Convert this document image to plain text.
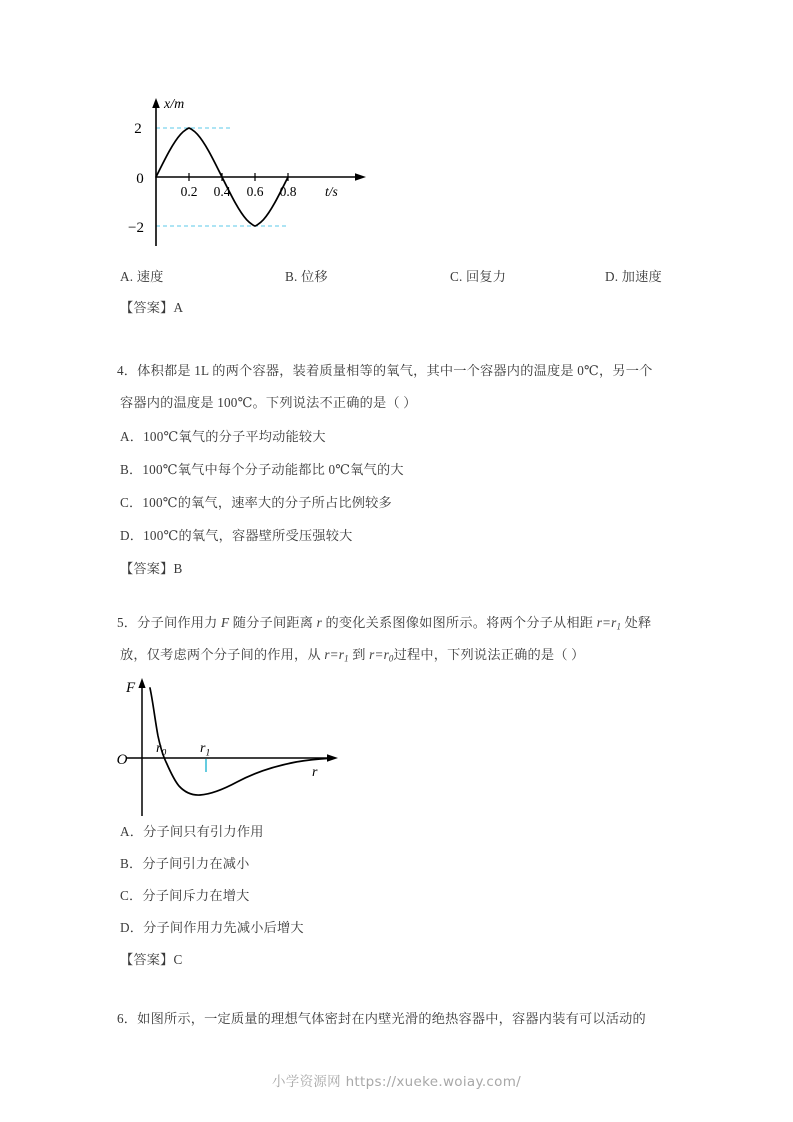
x/m
2
0
−2
0.2 0.4 0.6 0.8 t/s
A. 速度	B. 位移	C. 回复力	D. 加速度
【答案】A
4．体积都是 1L 的两个容器，装着质量相等的氧气，其中一个容器内的温度是 0℃，另一个
容器内的温度是 100℃。下列说法不正确的是（ ）
A．100℃氧气的分子平均动能较大
B．100℃氧气中每个分子动能都比 0℃氧气的大
C．100℃的氧气，速率大的分子所占比例较多
D．100℃的氧气，容器壁所受压强较大
【答案】B
5．分子间作用力 F 随分子间距离 r 的变化关系图像如图所示。将两个分子从相距 $r=r_1$ 处释
放，仅考虑两个分子间的作用，从 $r=r_1$ 到 $r=r_0$过程中，下列说法正确的是（ ）
F
O
$r_0$ $r_1$
r
A．分子间只有引力作用
B．分子间引力在减小
C．分子间斥力在增大
D．分子间作用力先减小后增大
【答案】C
6．如图所示，一定质量的理想气体密封在内壁光滑的绝热容器中，容器内装有可以活动的
小学资源网 https://xueke.woiay.com/
